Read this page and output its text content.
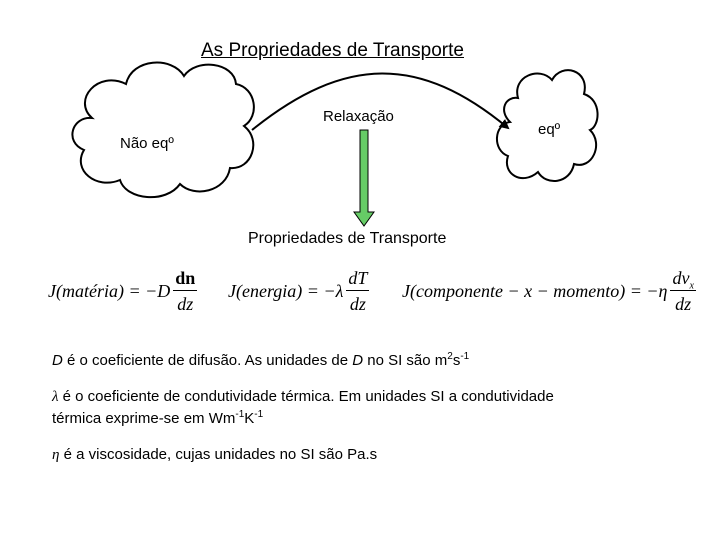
As Propriedades de Transporte
Não eqº
eqº
Relaxação
Propriedades de Transporte
J(matéria) = $-D \frac{dn}{dz}$ J(energia) = $-\lambda \frac{dT}{dz}$ J(componente − x − momento) = $-\eta \frac{dv_x}{dz}$
D é o coeficiente de difusão. As unidades de D no SI são $m^2s^{-1}$
λ é o coeficiente de condutividade térmica. Em unidades SI a condutividade
térmica exprime-se em $Wm^{-1}K^{-1}$
η é a viscosidade, cujas unidades no SI são Pa.s
